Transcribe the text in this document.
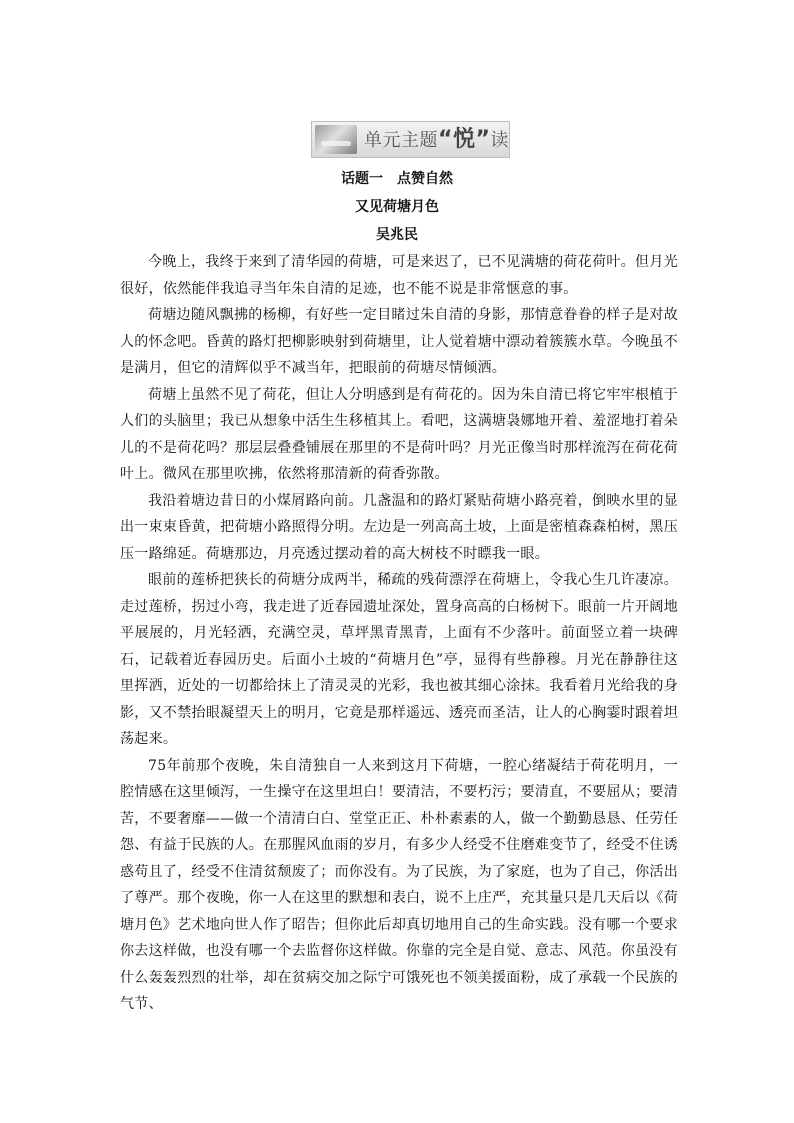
单元主题“悦”读
话题一　点赞自然
又见荷塘月色
吴兆民

今晚上，我终于来到了清华园的荷塘，可是来迟了，已不见满塘的荷花荷叶。但月光很好，依然能伴我追寻当年朱自清的足迹，也不能不说是非常惬意的事。

荷塘边随风飘拂的杨柳，有好些一定目睹过朱自清的身影，那情意眷眷的样子是对故人的怀念吧。昏黄的路灯把柳影映射到荷塘里，让人觉着塘中漂动着簇簇水草。今晚虽不是满月，但它的清辉似乎不减当年，把眼前的荷塘尽情倾洒。

荷塘上虽然不见了荷花，但让人分明感到是有荷花的。因为朱自清已将它牢牢根植于人们的头脑里；我已从想象中活生生移植其上。看吧，这满塘袅娜地开着、羞涩地打着朵儿的不是荷花吗？那层层叠叠铺展在那里的不是荷叶吗？月光正像当时那样流泻在荷花荷叶上。微风在那里吹拂，依然将那清新的荷香弥散。

我沿着塘边昔日的小煤屑路向前。几盏温和的路灯紧贴荷塘小路亮着，倒映水里的显出一束束昏黄，把荷塘小路照得分明。左边是一列高高土坡，上面是密植森森柏树，黑压压一路绵延。荷塘那边，月亮透过摆动着的高大树枝不时瞟我一眼。

眼前的莲桥把狭长的荷塘分成两半，稀疏的残荷漂浮在荷塘上，令我心生几许凄凉。走过莲桥，拐过小弯，我走进了近春园遗址深处，置身高高的白杨树下。眼前一片开阔地平展展的，月光轻洒，充满空灵，草坪黑青黑青，上面有不少落叶。前面竖立着一块碑石，记载着近春园历史。后面小土坡的“荷塘月色”亭，显得有些静穆。月光在静静往这里挥洒，近处的一切都给抹上了清灵灵的光彩，我也被其细心涂抹。我看着月光给我的身影，又不禁抬眼凝望天上的明月，它竟是那样遥远、透亮而圣洁，让人的心胸霎时跟着坦荡起来。

75年前那个夜晚，朱自清独自一人来到这月下荷塘，一腔心绪凝结于荷花明月，一腔情感在这里倾泻，一生操守在这里坦白！要清洁，不要朽污；要清直，不要屈从；要清苦，不要奢靡——做一个清清白白、堂堂正正、朴朴素素的人，做一个勤勤恳恳、任劳任怨、有益于民族的人。在那腥风血雨的岁月，有多少人经受不住磨难变节了，经受不住诱惑苟且了，经受不住清贫颓废了；而你没有。为了民族，为了家庭，也为了自己，你活出了尊严。那个夜晚，你一人在这里的默想和表白，说不上庄严，充其量只是几天后以《荷塘月色》艺术地向世人作了昭告；但你此后却真切地用自己的生命实践。没有哪一个要求你去这样做，也没有哪一个去监督你这样做。你靠的完全是自觉、意志、风范。你虽没有什么轰轰烈烈的壮举，却在贫病交加之际宁可饿死也不领美援面粉，成了承载一个民族的气节、
